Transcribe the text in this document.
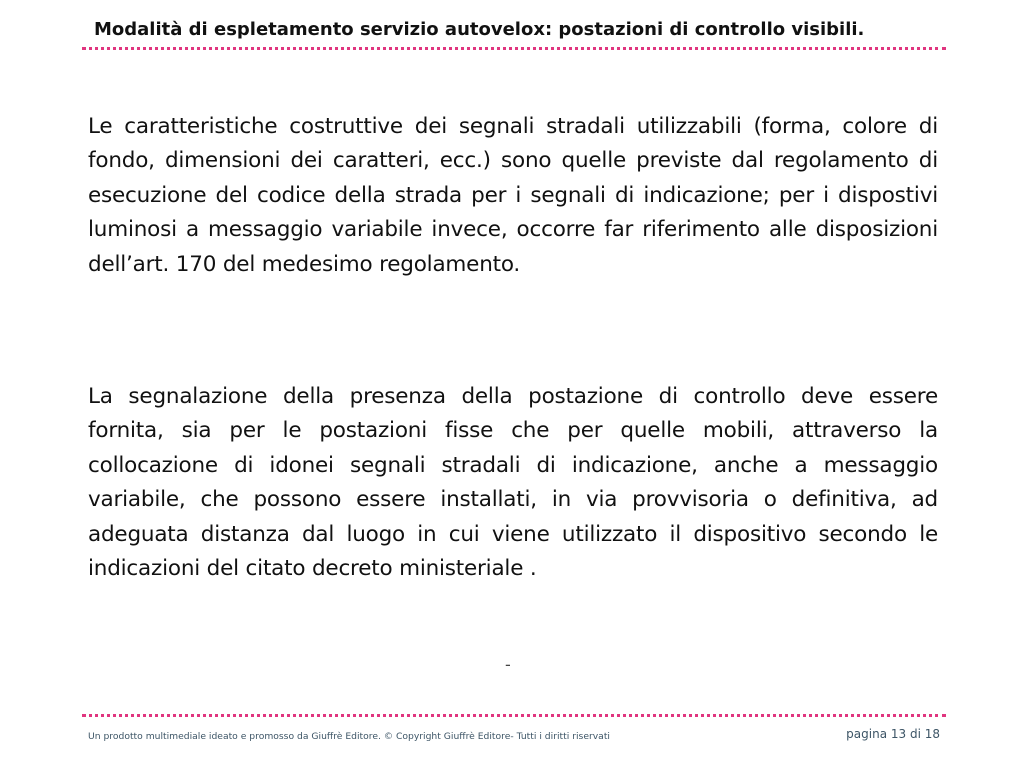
Modalità di espletamento servizio autovelox: postazioni di controllo visibili.

Le caratteristiche costruttive dei segnali stradali utilizzabili (forma, colore di fondo, dimensioni dei caratteri, ecc.) sono quelle previste dal regolamento di esecuzione del codice della strada per i segnali di indicazione; per i dispostivi luminosi a messaggio variabile invece, occorre far riferimento alle disposizioni dell’art. 170 del medesimo regolamento.

La segnalazione della presenza della postazione di controllo deve essere fornita, sia per le postazioni fisse che per quelle mobili, attraverso la collocazione di idonei segnali stradali di indicazione, anche a messaggio variabile, che possono essere installati, in via provvisoria o definitiva, ad adeguata distanza dal luogo in cui viene utilizzato il dispositivo secondo le indicazioni del citato decreto ministeriale .

-
Un prodotto multimediale ideato e promosso da Giuffrè Editore. © Copyright Giuffrè Editore- Tutti i diritti riservati	pagina 13 di 18
